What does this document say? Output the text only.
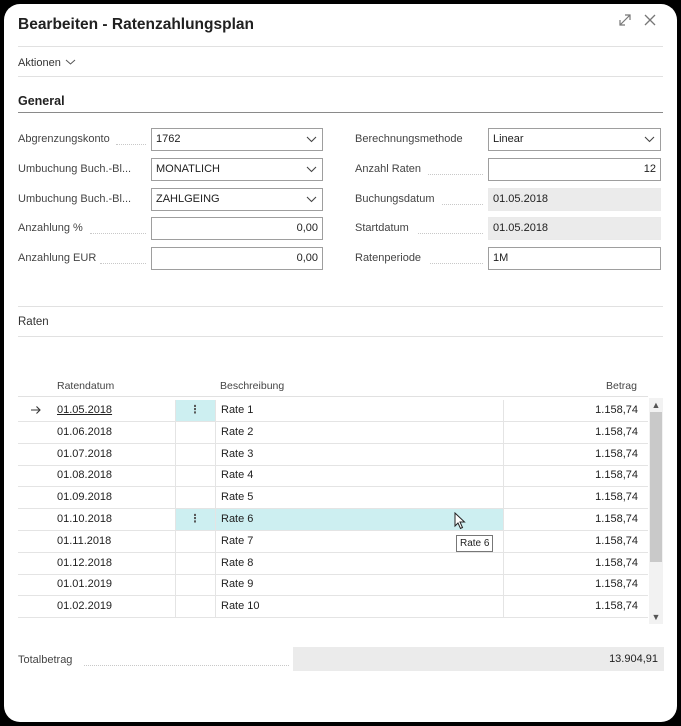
Bearbeiten - Ratenzahlungsplan
Aktionen
General
Abgrenzungskonto	1762
Umbuchung Buch.-Bl...	MONATLICH
Umbuchung Buch.-Bl...	ZAHLGEING
Anzahlung %	0,00
Anzahlung EUR	0,00
Berechnungsmethode	Linear
Anzahl Raten	12
Buchungsdatum	01.05.2018
Startdatum	01.05.2018
Ratenperiode	1M
Raten
Ratendatum	Beschreibung	Betrag
01.05.2018	⋮	Rate 1	1.158,74
01.06.2018	Rate 2	1.158,74
01.07.2018	Rate 3	1.158,74
01.08.2018	Rate 4	1.158,74
01.09.2018	Rate 5	1.158,74
01.10.2018	⋮	Rate 6	1.158,74
01.11.2018	Rate 7	1.158,74
01.12.2018	Rate 8	1.158,74
01.01.2019	Rate 9	1.158,74
01.02.2019	Rate 10	1.158,74
▲
▼
Rate 6
Totalbetrag	13.904,91
